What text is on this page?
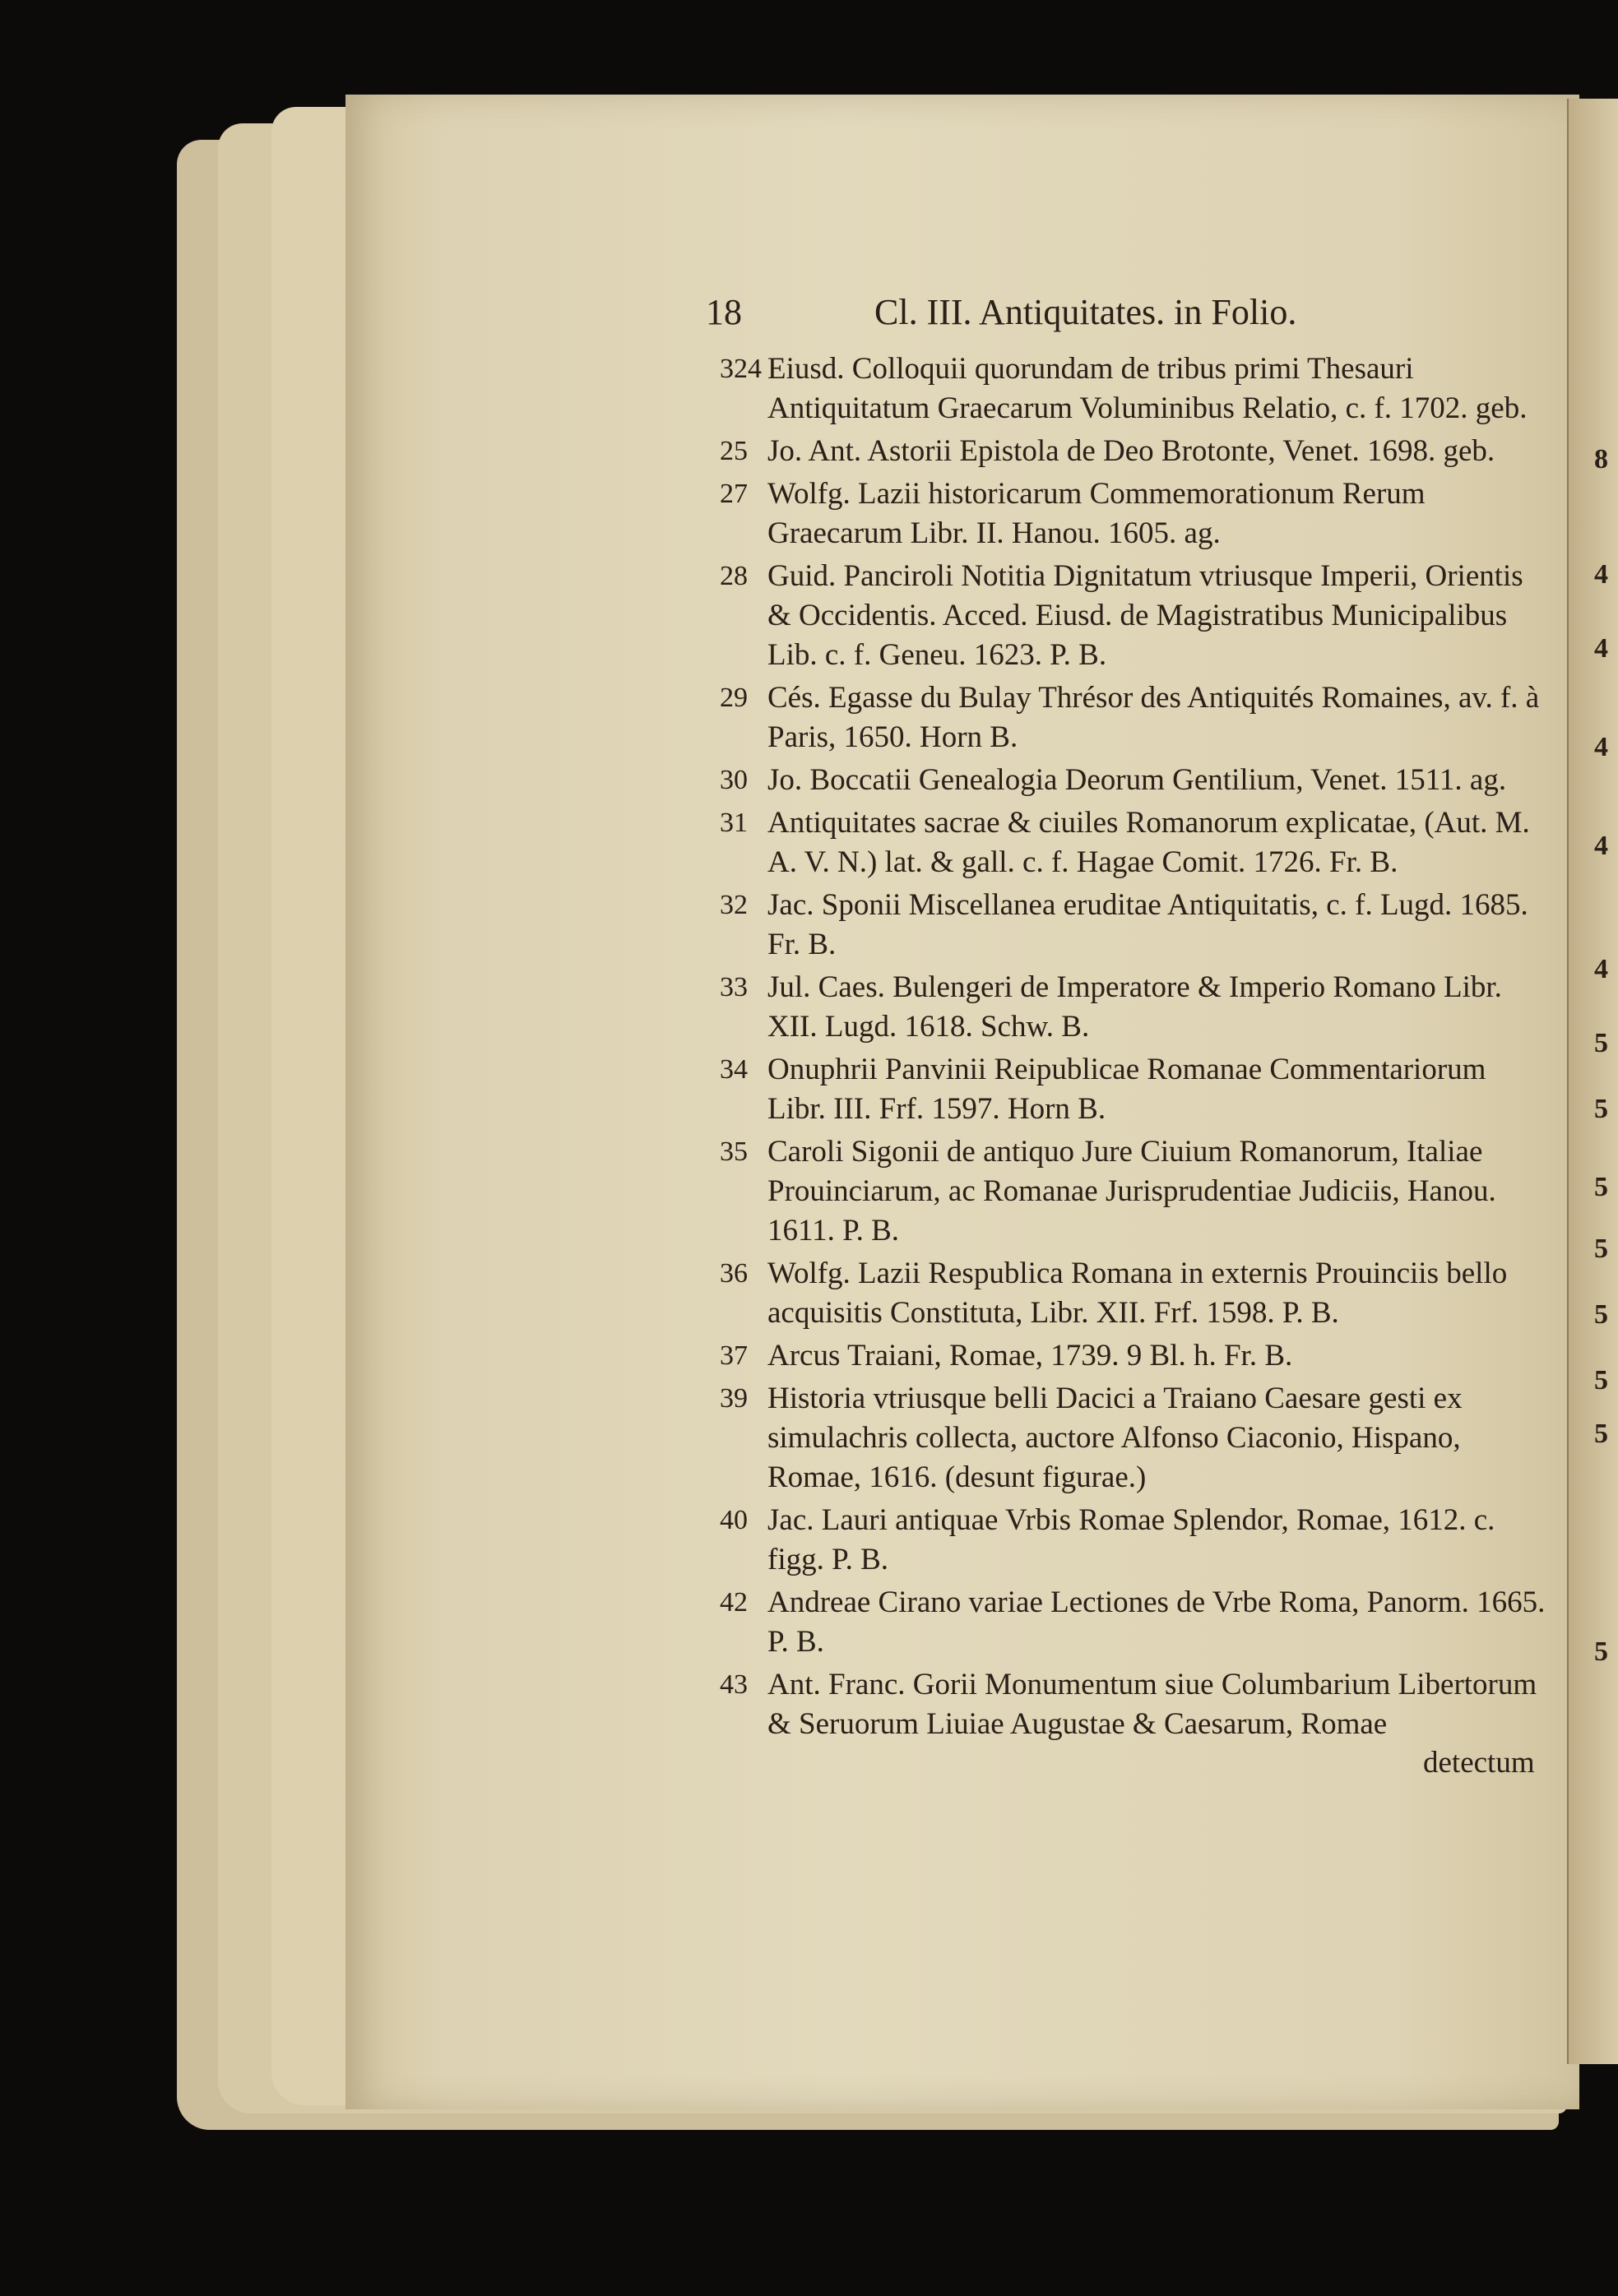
8
4
4
4
4
4
5
5
5
5
5
5
5
5
18	Cl. III. Antiquitates. in Folio.
324 Eiusd. Colloquii quorundam de tribus primi Thesauri Antiquitatum Graecarum Voluminibus Relatio, c. f. 1702. geb.
25 Jo. Ant. Astorii Epistola de Deo Brotonte, Venet. 1698. geb.
27 Wolfg. Lazii historicarum Commemorationum Rerum Graecarum Libr. II. Hanou. 1605. ag.
28 Guid. Panciroli Notitia Dignitatum vtriusque Imperii, Orientis & Occidentis. Acced. Eiusd. de Magistratibus Municipalibus Lib. c. f. Geneu. 1623. P. B.
29 Cés. Egasse du Bulay Thrésor des Antiquités Romaines, av. f. à Paris, 1650. Horn B.
30 Jo. Boccatii Genealogia Deorum Gentilium, Venet. 1511. ag.
31 Antiquitates sacrae & ciuiles Romanorum explicatae, (Aut. M. A. V. N.) lat. & gall. c. f. Hagae Comit. 1726. Fr. B.
32 Jac. Sponii Miscellanea eruditae Antiquitatis, c. f. Lugd. 1685. Fr. B.
33 Jul. Caes. Bulengeri de Imperatore & Imperio Romano Libr. XII. Lugd. 1618. Schw. B.
34 Onuphrii Panvinii Reipublicae Romanae Commentariorum Libr. III. Frf. 1597. Horn B.
35 Caroli Sigonii de antiquo Jure Ciuium Romanorum, Italiae Prouinciarum, ac Romanae Jurisprudentiae Judiciis, Hanou. 1611. P. B.
36 Wolfg. Lazii Respublica Romana in externis Prouinciis bello acquisitis Constituta, Libr. XII. Frf. 1598. P. B.
37 Arcus Traiani, Romae, 1739. 9 Bl. h. Fr. B.
39 Historia vtriusque belli Dacici a Traiano Caesare gesti ex simulachris collecta, auctore Alfonso Ciaconio, Hispano, Romae, 1616. (desunt figurae.)
40 Jac. Lauri antiquae Vrbis Romae Splendor, Romae, 1612. c. figg. P. B.
42 Andreae Cirano variae Lectiones de Vrbe Roma, Panorm. 1665. P. B.
43 Ant. Franc. Gorii Monumentum siue Columbarium Libertorum & Seruorum Liuiae Augustae & Caesarum, Romae
detectum
